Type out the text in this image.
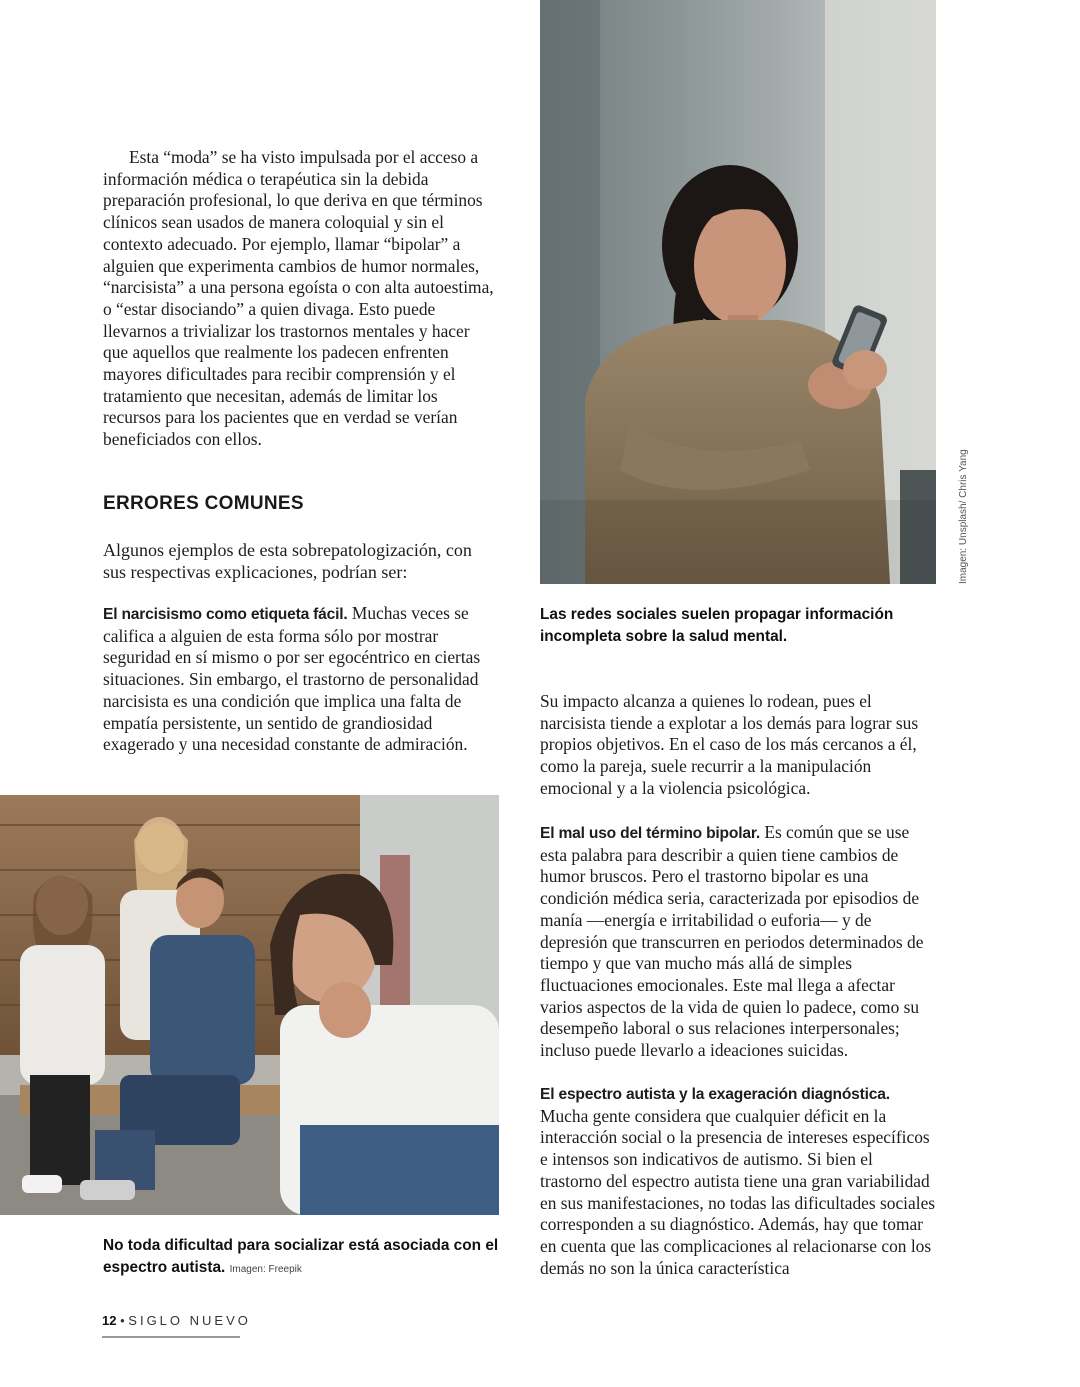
Esta “moda” se ha visto impulsada por el acceso a información médica o terapéutica sin la debida preparación profesional, lo que deriva en que términos clínicos sean usados de manera coloquial y sin el contexto adecuado. Por ejemplo, llamar “bipolar” a alguien que experimenta cambios de humor normales, “narcisista” a una persona egoísta o con alta autoestima, o “estar disociando” a quien divaga. Esto puede llevarnos a trivializar los trastornos mentales y hacer que aquellos que realmente los padecen enfrenten mayores dificultades para recibir comprensión y el tratamiento que necesitan, además de limitar los recursos para los pacientes que en verdad se verían beneficiados con ellos.

ERRORES COMUNES

Algunos ejemplos de esta sobrepatologización, con sus respectivas explicaciones, podrían ser:

El narcisismo como etiqueta fácil. Muchas veces se califica a alguien de esta forma sólo por mostrar seguridad en sí mismo o por ser egocéntrico en ciertas situaciones. Sin embargo, el trastorno de personalidad narcisista es una condición que implica una falta de empatía persistente, un sentido de grandiosidad exagerado y una necesidad constante de admiración.

Imagen: Unsplash/ Chris Yang
Las redes sociales suelen propagar información incompleta sobre la salud mental.
No toda dificultad para socializar está asociada con el espectro autista. Imagen: Freepik

Su impacto alcanza a quienes lo rodean, pues el narcisista tiende a explotar a los demás para lograr sus propios objetivos. En el caso de los más cercanos a él, como la pareja, suele recurrir a la manipulación emocional y a la violencia psicológica.

El mal uso del término bipolar. Es común que se use esta palabra para describir a quien tiene cambios de humor bruscos. Pero el trastorno bipolar es una condición médica seria, caracterizada por episodios de manía —energía e irritabilidad o euforia— y de depresión que transcurren en periodos determinados de tiempo y que van mucho más allá de simples fluctuaciones emocionales. Este mal llega a afectar varios aspectos de la vida de quien lo padece, como su desempeño laboral o sus relaciones interpersonales; incluso puede llevarlo a ideaciones suicidas.

El espectro autista y la exageración diagnóstica. Mucha gente considera que cualquier déficit en la interacción social o la presencia de intereses específicos e intensos son indicativos de autismo. Si bien el trastorno del espectro autista tiene una gran variabilidad en sus manifestaciones, no todas las dificultades sociales corresponden a su diagnóstico. Además, hay que tomar en cuenta que las complicaciones al relacionarse con los demás no son la única característica

12 • SIGLO NUEVO
